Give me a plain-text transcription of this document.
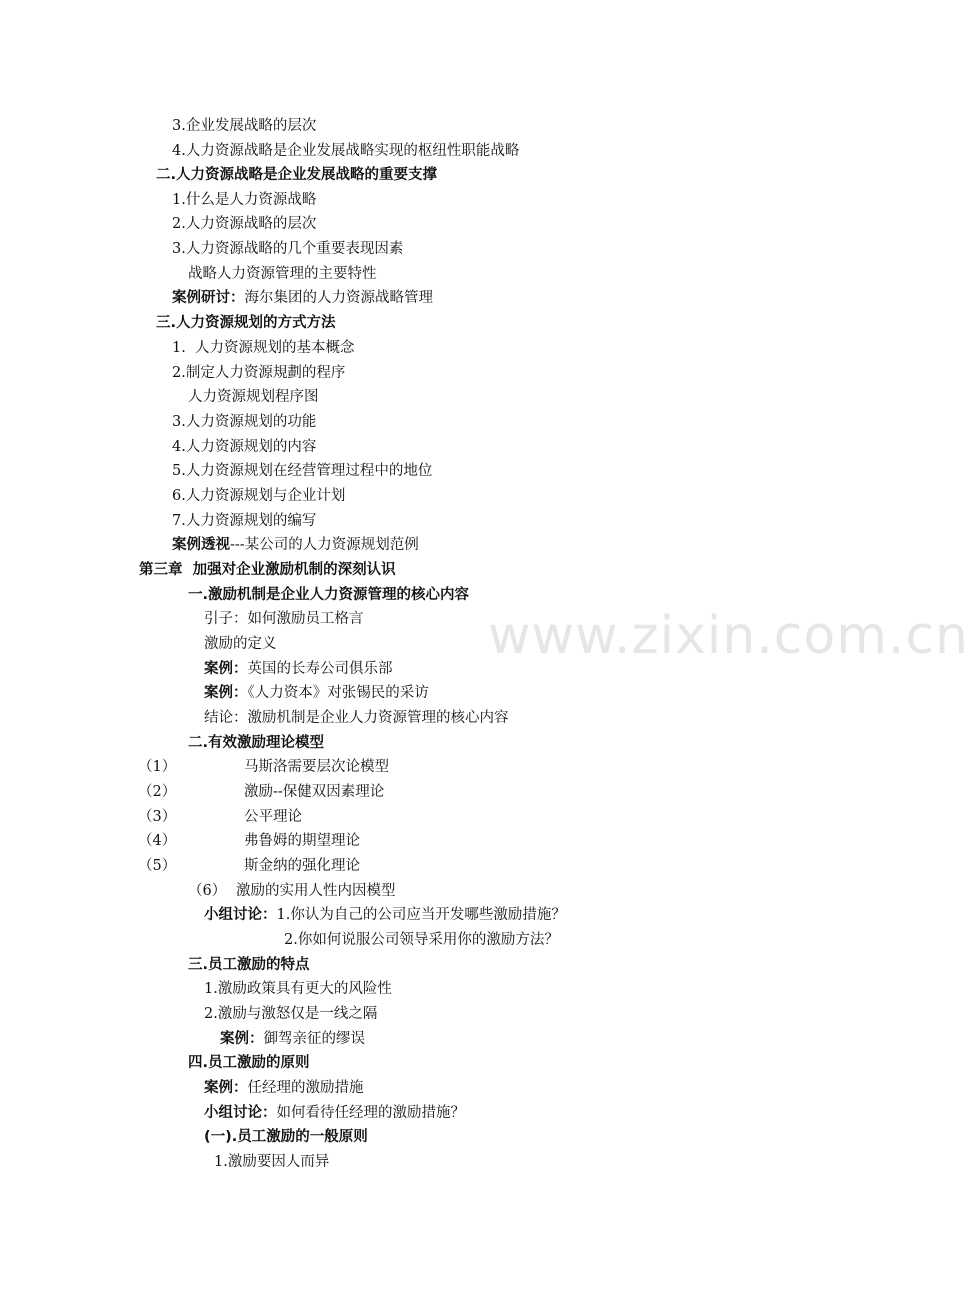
www.zixin.com.cn
3.企业发展战略的层次
4.人力资源战略是企业发展战略实现的枢纽性职能战略
二.人力资源战略是企业发展战略的重要支撑
1.什么是人力资源战略
2.人力资源战略的层次
3.人力资源战略的几个重要表现因素
战略人力资源管理的主要特性
案例研讨：海尔集团的人力资源战略管理
三.人力资源规划的方式方法
1.  人力资源规划的基本概念
2.制定人力资源規劃的程序
人力资源规划程序图
3.人力资源规划的功能
4.人力资源规划的内容
5.人力资源规划在经营管理过程中的地位
6.人力资源规划与企业计划
7.人力资源规划的编写
案例透视---某公司的人力资源规划范例
第三章  加强对企业激励机制的深刻认识
一.激励机制是企业人力资源管理的核心内容
引子：如何激励员工格言
激励的定义
案例：英国的长寿公司俱乐部
案例：《人力资本》对张锡民的采访
结论：激励机制是企业人力资源管理的核心内容
二.有效激励理论模型
（1）	马斯洛需要层次论模型
（2）	激励--保健双因素理论
（3）	公平理论
（4）	弗鲁姆的期望理论
（5）	斯金纳的强化理论
（6） 激励的实用人性内因模型
小组讨论：1.你认为自己的公司应当开发哪些激励措施？
2.你如何说服公司领导采用你的激励方法？
三.员工激励的特点
1.激励政策具有更大的风险性
2.激励与激怒仅是一线之隔
案例：御驾亲征的缪误
四.员工激励的原则
案例：任经理的激励措施
小组讨论：如何看待任经理的激励措施？
(一).员工激励的一般原则
1.激励要因人而异
